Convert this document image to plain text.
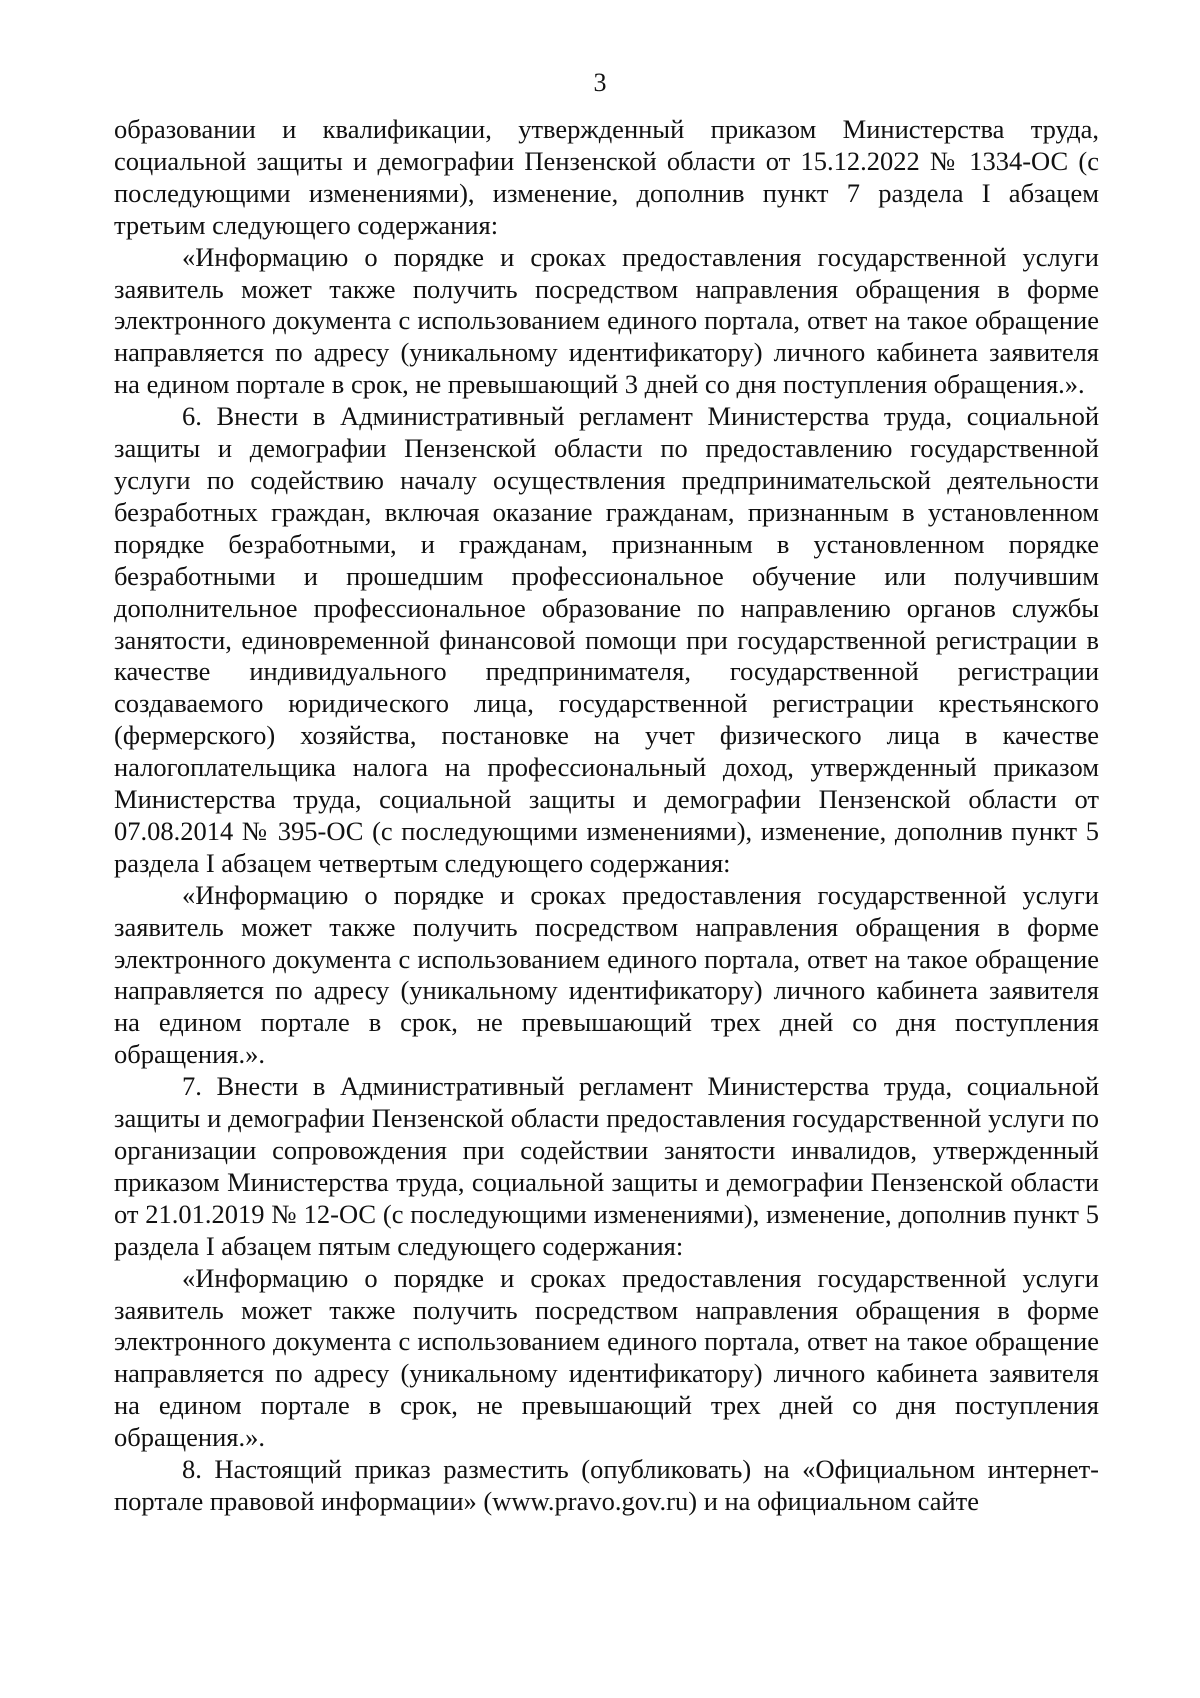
3

образовании и квалификации, утвержденный приказом Министерства труда, социальной защиты и демографии Пензенской области от 15.12.2022 № 1334-ОС (с последующими изменениями), изменение, дополнив пункт 7 раздела I абзацем третьим следующего содержания:

«Информацию о порядке и сроках предоставления государственной услуги заявитель может также получить посредством направления обращения в форме электронного документа с использованием единого портала, ответ на такое обращение направляется по адресу (уникальному идентификатору) личного кабинета заявителя на едином портале в срок, не превышающий 3 дней со дня поступления обращения.».

6. Внести в Административный регламент Министерства труда, социальной защиты и демографии Пензенской области по предоставлению государственной услуги по содействию началу осуществления предпринимательской деятельности безработных граждан, включая оказание гражданам, признанным в установленном порядке безработными, и гражданам, признанным в установленном порядке безработными и прошедшим профессиональное обучение или получившим дополнительное профессиональное образование по направлению органов службы занятости, единовременной финансовой помощи при государственной регистрации в качестве индивидуального предпринимателя, государственной регистрации создаваемого юридического лица, государственной регистрации крестьянского (фермерского) хозяйства, постановке на учет физического лица в качестве налогоплательщика налога на профессиональный доход, утвержденный приказом Министерства труда, социальной защиты и демографии Пензенской области от 07.08.2014 № 395-ОС (с последующими изменениями), изменение, дополнив пункт 5 раздела I абзацем четвертым следующего содержания:

«Информацию о порядке и сроках предоставления государственной услуги заявитель может также получить посредством направления обращения в форме электронного документа с использованием единого портала, ответ на такое обращение направляется по адресу (уникальному идентификатору) личного кабинета заявителя на едином портале в срок, не превышающий трех дней со дня поступления обращения.».

7. Внести в Административный регламент Министерства труда, социальной защиты и демографии Пензенской области предоставления государственной услуги по организации сопровождения при содействии занятости инвалидов, утвержденный приказом Министерства труда, социальной защиты и демографии Пензенской области от 21.01.2019 № 12-ОС (с последующими изменениями), изменение, дополнив пункт 5 раздела I абзацем пятым следующего содержания:

«Информацию о порядке и сроках предоставления государственной услуги заявитель может также получить посредством направления обращения в форме электронного документа с использованием единого портала, ответ на такое обращение направляется по адресу (уникальному идентификатору) личного кабинета заявителя на едином портале в срок, не превышающий трех дней со дня поступления обращения.».

8. Настоящий приказ разместить (опубликовать) на «Официальном интернет-портале правовой информации» (www.pravo.gov.ru) и на официальном сайте
